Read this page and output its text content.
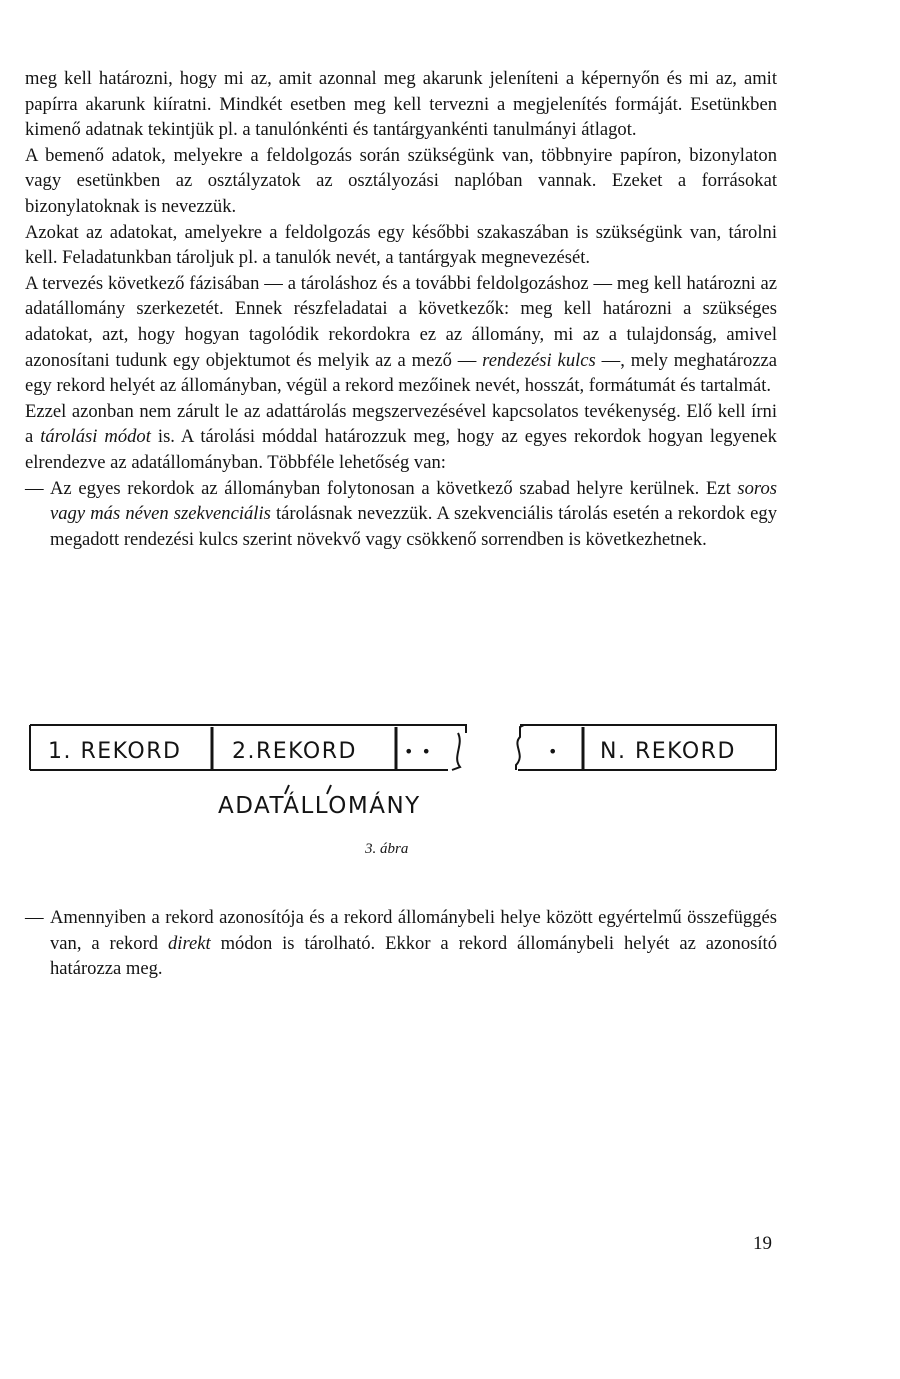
meg kell határozni, hogy mi az, amit azonnal meg akarunk jeleníteni a képernyőn és mi az, amit papírra akarunk kiíratni. Mindkét esetben meg kell tervezni a megjelenítés formáját. Esetünkben kimenő adatnak tekintjük pl. a tanulónkénti és tantárgyankénti tanulmányi átlagot.

A bemenő adatok, melyekre a feldolgozás során szükségünk van, többnyire papíron, bizonylaton vagy esetünkben az osztályzatok az osztályozási naplóban vannak. Ezeket a forrásokat bizonylatoknak is nevezzük.

Azokat az adatokat, amelyekre a feldolgozás egy későbbi szakaszában is szükségünk van, tárolni kell. Feladatunkban tároljuk pl. a tanulók nevét, a tantárgyak megnevezését.

A tervezés következő fázisában — a tároláshoz és a további feldolgozáshoz — meg kell határozni az adatállomány szerkezetét. Ennek részfeladatai a következők: meg kell határozni a szükséges adatokat, azt, hogy hogyan tagolódik rekordokra ez az állomány, mi az a tulajdonság, amivel azonosítani tudunk egy objektumot és melyik az a mező — rendezési kulcs —, mely meghatározza egy rekord helyét az állományban, végül a rekord mezőinek nevét, hosszát, formátumát és tartalmát.

Ezzel azonban nem zárult le az adattárolás megszervezésével kapcsolatos tevékenység. Elő kell írni a tárolási módot is. A tárolási móddal határozzuk meg, hogy az egyes rekordok hogyan legyenek elrendezve az adatállományban. Többféle lehetőség van:

— Az egyes rekordok az állományban folytonosan a következő szabad helyre kerülnek. Ezt soros vagy más néven szekvenciális tárolásnak nevezzük. A szekvenciális tárolás esetén a rekordok egy megadott rendezési kulcs szerint növekvő vagy csökkenő sorrendben is következhetnek.
1. REKORD 2.REKORD	• •	• N. REKORD
ADATÁLLOMÁNY
3. ábra
— Amennyiben a rekord azonosítója és a rekord állománybeli helye között egyértelmű összefüggés van, a rekord direkt módon is tárolható. Ekkor a rekord állománybeli helyét az azonosító határozza meg.
19
